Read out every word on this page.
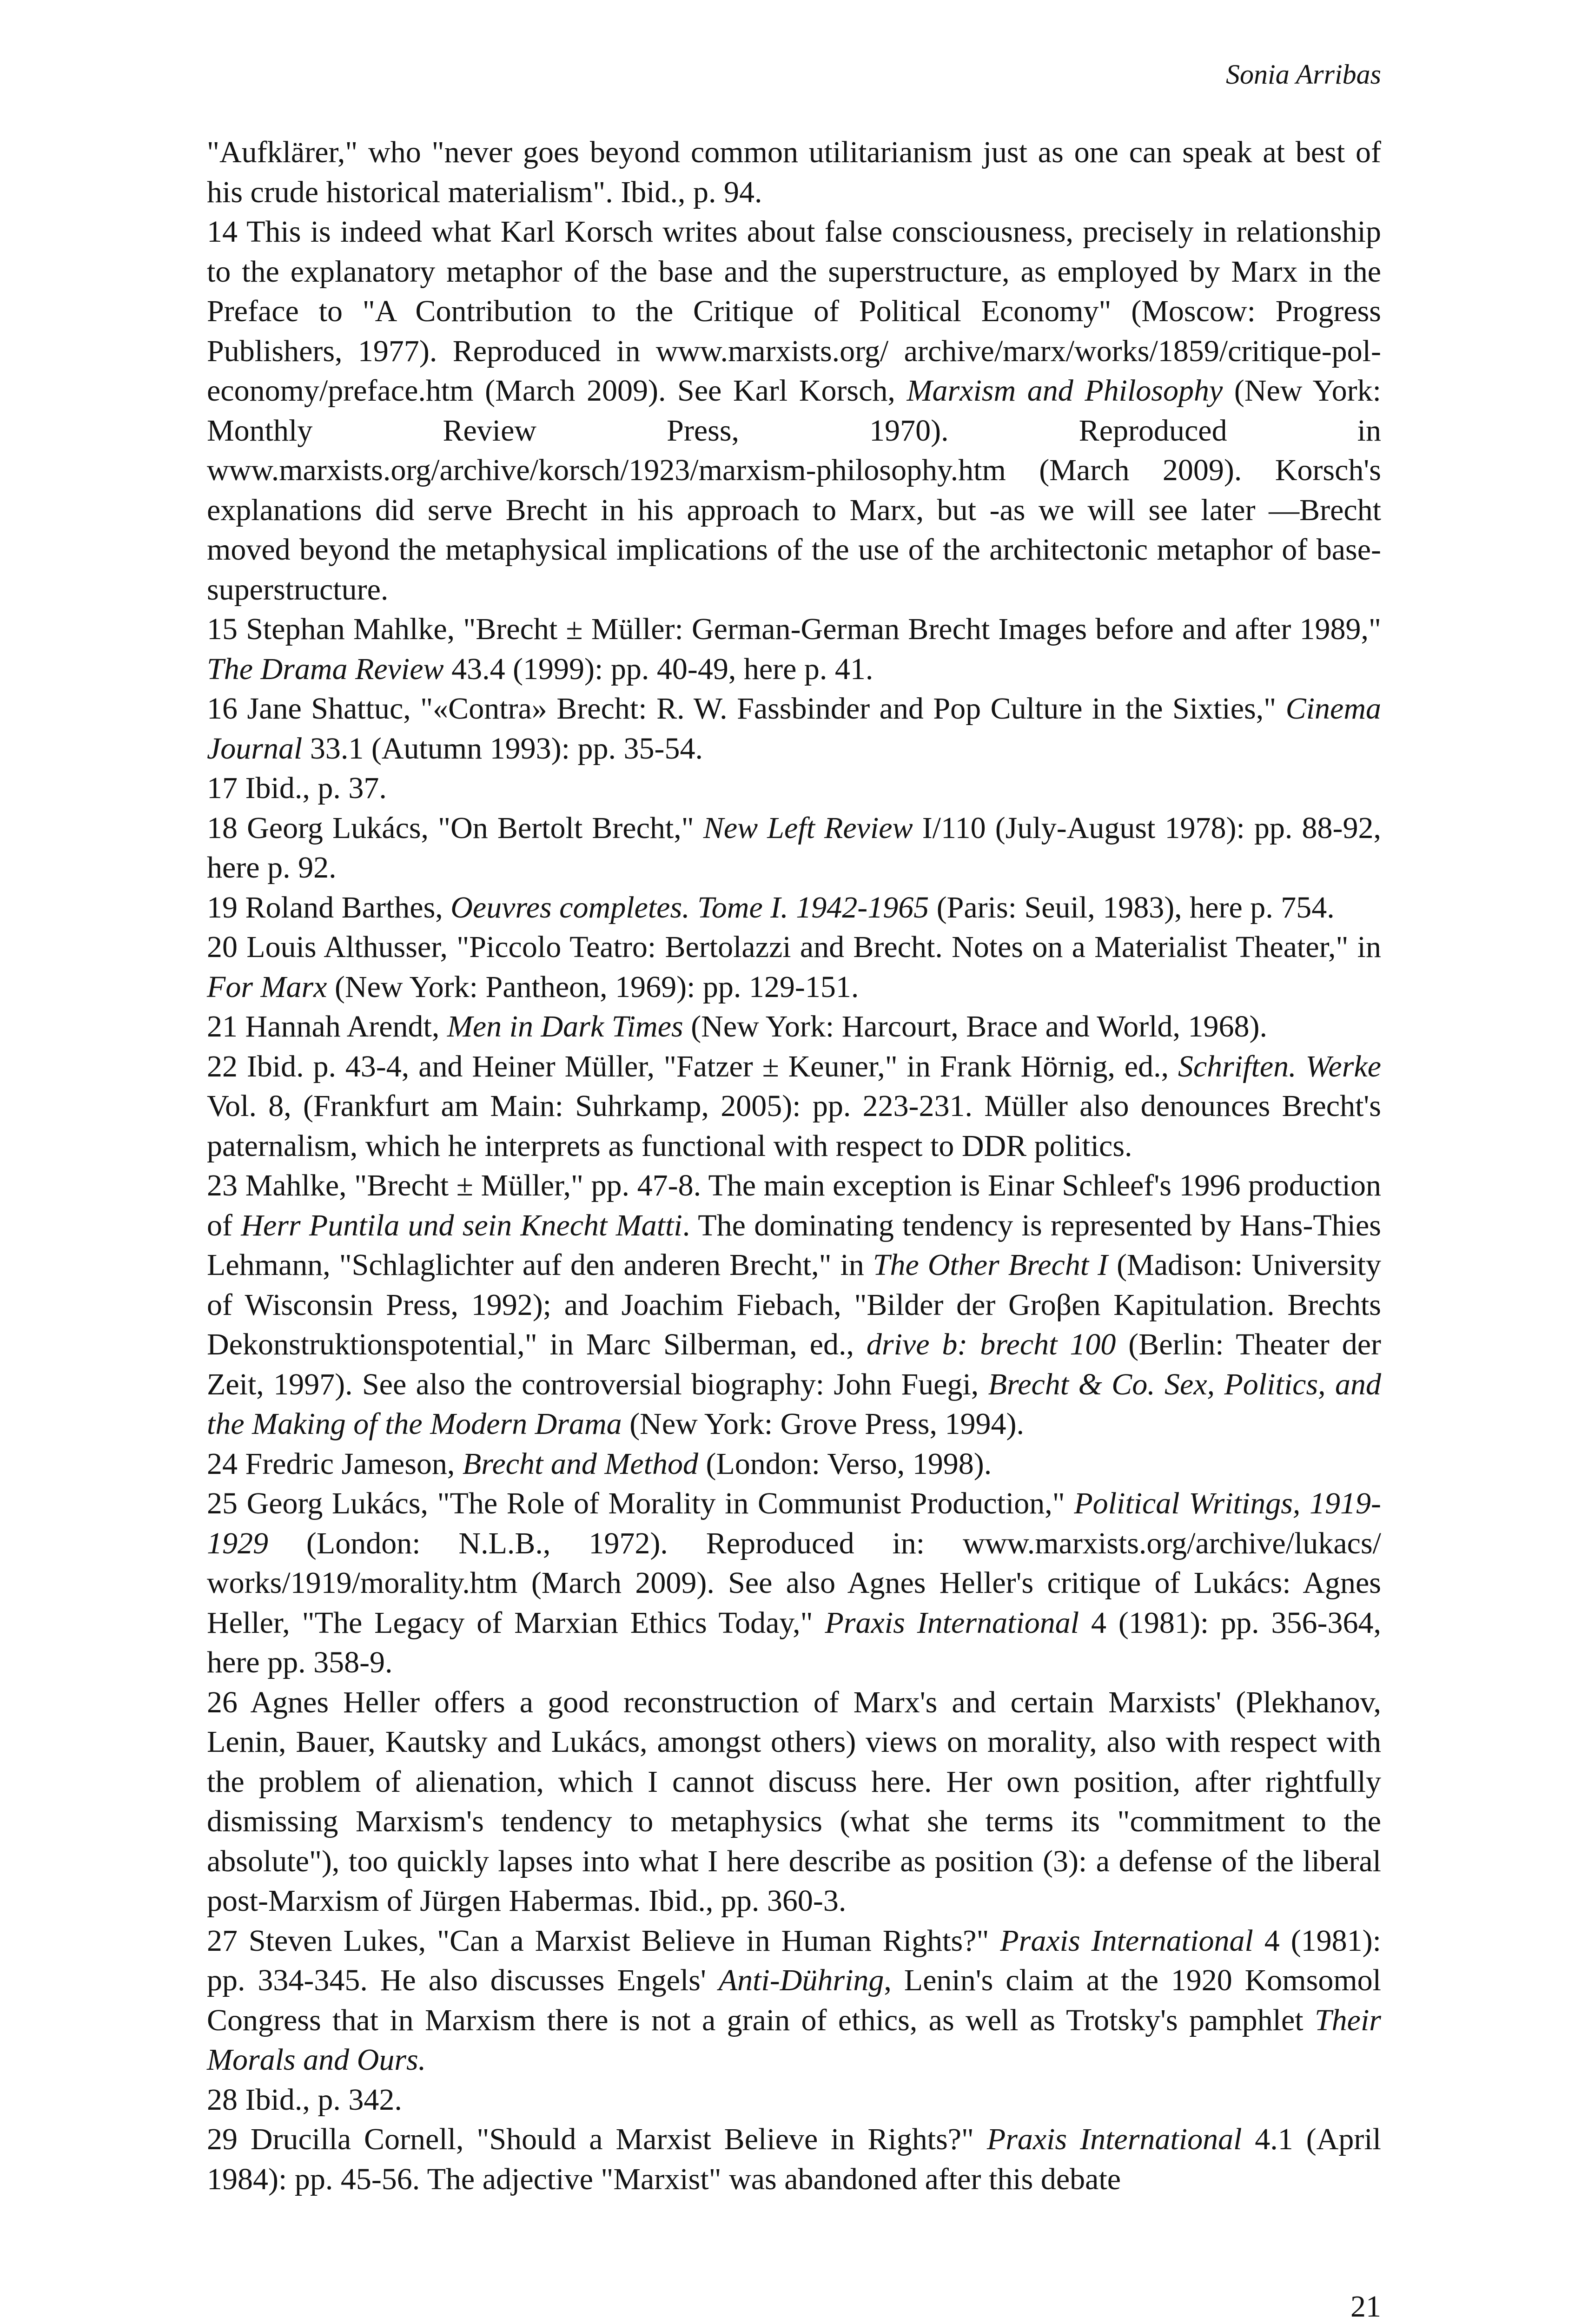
Sonia Arribas

"Aufklärer," who "never goes beyond common utilitarianism just as one can speak at best of his crude historical materialism". Ibid., p. 94.

14 This is indeed what Karl Korsch writes about false consciousness, precisely in relationship to the explanatory metaphor of the base and the superstructure, as employed by Marx in the Preface to "A Contribution to the Critique of Political Economy" (Moscow: Progress Publishers, 1977). Reproduced in www.marxists.org/ archive/marx/works/1859/critique-pol-economy/preface.htm (March 2009). See Karl Korsch, Marxism and Philosophy (New York: Monthly Review Press, 1970). Reproduced in www.marxists.org/archive/korsch/1923/marxism-philosophy.htm (March 2009). Korsch's explanations did serve Brecht in his approach to Marx, but -as we will see later —Brecht moved beyond the metaphysical implications of the use of the architectonic metaphor of base-superstructure.

15 Stephan Mahlke, "Brecht ± Müller: German-German Brecht Images before and after 1989," The Drama Review 43.4 (1999): pp. 40-49, here p. 41.

16 Jane Shattuc, "«Contra» Brecht: R. W. Fassbinder and Pop Culture in the Sixties," Cinema Journal 33.1 (Autumn 1993): pp. 35-54.

17 Ibid., p. 37.

18 Georg Lukács, "On Bertolt Brecht," New Left Review I/110 (July-August 1978): pp. 88-92, here p. 92.

19 Roland Barthes, Oeuvres completes. Tome I. 1942-1965 (Paris: Seuil, 1983), here p. 754.

20 Louis Althusser, "Piccolo Teatro: Bertolazzi and Brecht. Notes on a Materialist Theater," in For Marx (New York: Pantheon, 1969): pp. 129-151.

21 Hannah Arendt, Men in Dark Times (New York: Harcourt, Brace and World, 1968).

22 Ibid. p. 43-4, and Heiner Müller, "Fatzer ± Keuner," in Frank Hörnig, ed., Schriften. Werke Vol. 8, (Frankfurt am Main: Suhrkamp, 2005): pp. 223-231. Müller also denounces Brecht's paternalism, which he interprets as functional with respect to DDR politics.

23 Mahlke, "Brecht ± Müller," pp. 47-8. The main exception is Einar Schleef's 1996 production of Herr Puntila und sein Knecht Matti. The dominating tendency is represented by Hans-Thies Lehmann, "Schlaglichter auf den anderen Brecht," in The Other Brecht I (Madison: University of Wisconsin Press, 1992); and Joachim Fiebach, "Bilder der Groβen Kapitulation. Brechts Dekonstruktionspotential," in Marc Silberman, ed., drive b: brecht 100 (Berlin: Theater der Zeit, 1997). See also the controversial biography: John Fuegi, Brecht & Co. Sex, Politics, and the Making of the Modern Drama (New York: Grove Press, 1994).

24 Fredric Jameson, Brecht and Method (London: Verso, 1998).

25 Georg Lukács, "The Role of Morality in Communist Production," Political Writings, 1919-1929 (London: N.L.B., 1972). Reproduced in: www.marxists.org/archive/lukacs/ works/1919/morality.htm (March 2009). See also Agnes Heller's critique of Lukács: Agnes Heller, "The Legacy of Marxian Ethics Today," Praxis International 4 (1981): pp. 356-364, here pp. 358-9.

26 Agnes Heller offers a good reconstruction of Marx's and certain Marxists' (Plekhanov, Lenin, Bauer, Kautsky and Lukács, amongst others) views on morality, also with respect with the problem of alienation, which I cannot discuss here. Her own position, after rightfully dismissing Marxism's tendency to metaphysics (what she terms its "commitment to the absolute"), too quickly lapses into what I here describe as position (3): a defense of the liberal post-Marxism of Jürgen Habermas. Ibid., pp. 360-3.

27 Steven Lukes, "Can a Marxist Believe in Human Rights?" Praxis International 4 (1981): pp. 334-345. He also discusses Engels' Anti-Dühring, Lenin's claim at the 1920 Komsomol Congress that in Marxism there is not a grain of ethics, as well as Trotsky's pamphlet Their Morals and Ours.

28 Ibid., p. 342.

29 Drucilla Cornell, "Should a Marxist Believe in Rights?" Praxis International 4.1 (April 1984): pp. 45-56. The adjective "Marxist" was abandoned after this debate

21
